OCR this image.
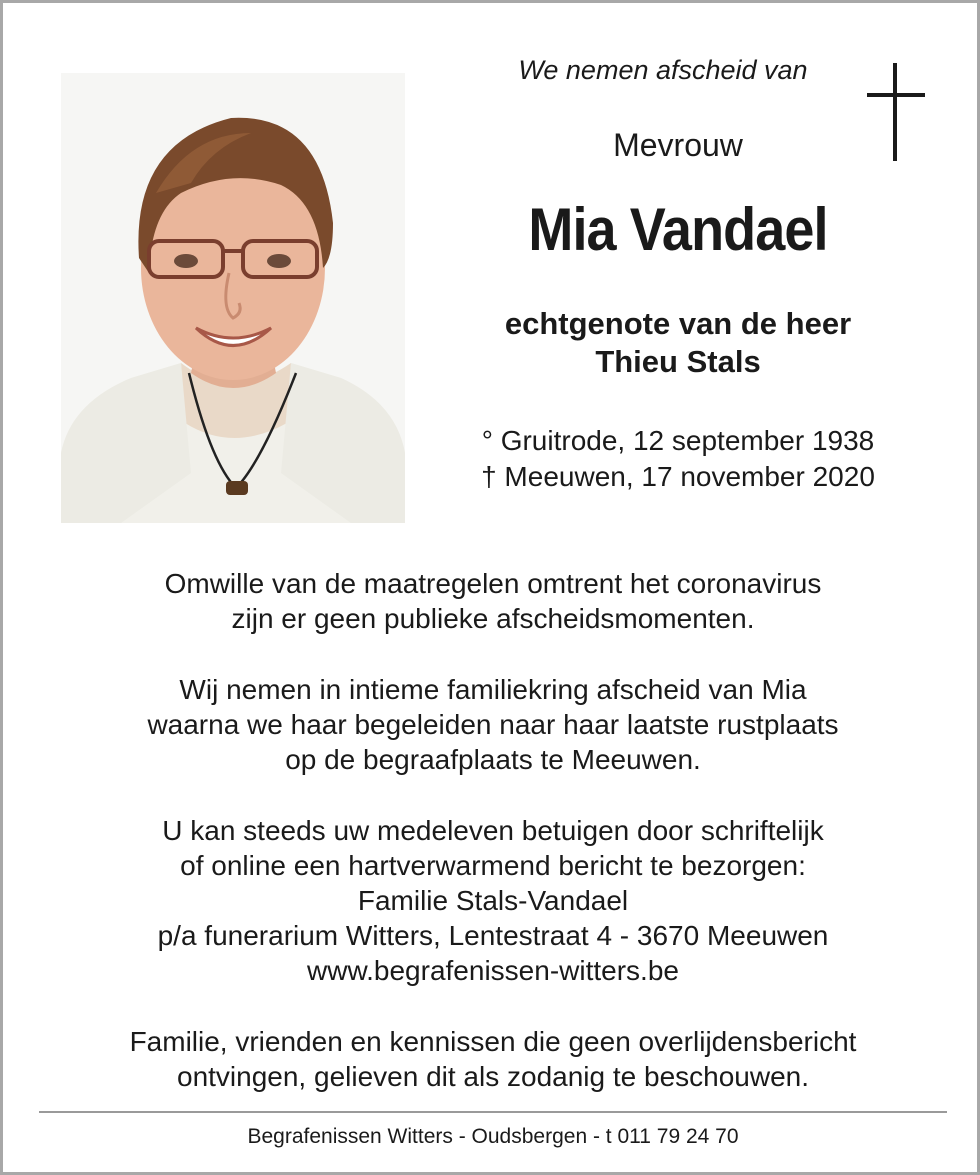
We nemen afscheid van
Mevrouw
Mia Vandael
echtgenote van de heer
Thieu Stals
° Gruitrode, 12 september 1938
† Meeuwen, 17 november 2020
Omwille van de maatregelen omtrent het coronavirus
zijn er geen publieke afscheidsmomenten.
Wij nemen in intieme familiekring afscheid van Mia
waarna we haar begeleiden naar haar laatste rustplaats
op de begraafplaats te Meeuwen.
U kan steeds uw medeleven betuigen door schriftelijk
of online een hartverwarmend bericht te bezorgen:
Familie Stals-Vandael
p/a funerarium Witters, Lentestraat 4 - 3670 Meeuwen
www.begrafenissen-witters.be
Familie, vrienden en kennissen die geen overlijdensbericht
ontvingen, gelieven dit als zodanig te beschouwen.
Begrafenissen Witters - Oudsbergen - t 011 79 24 70
